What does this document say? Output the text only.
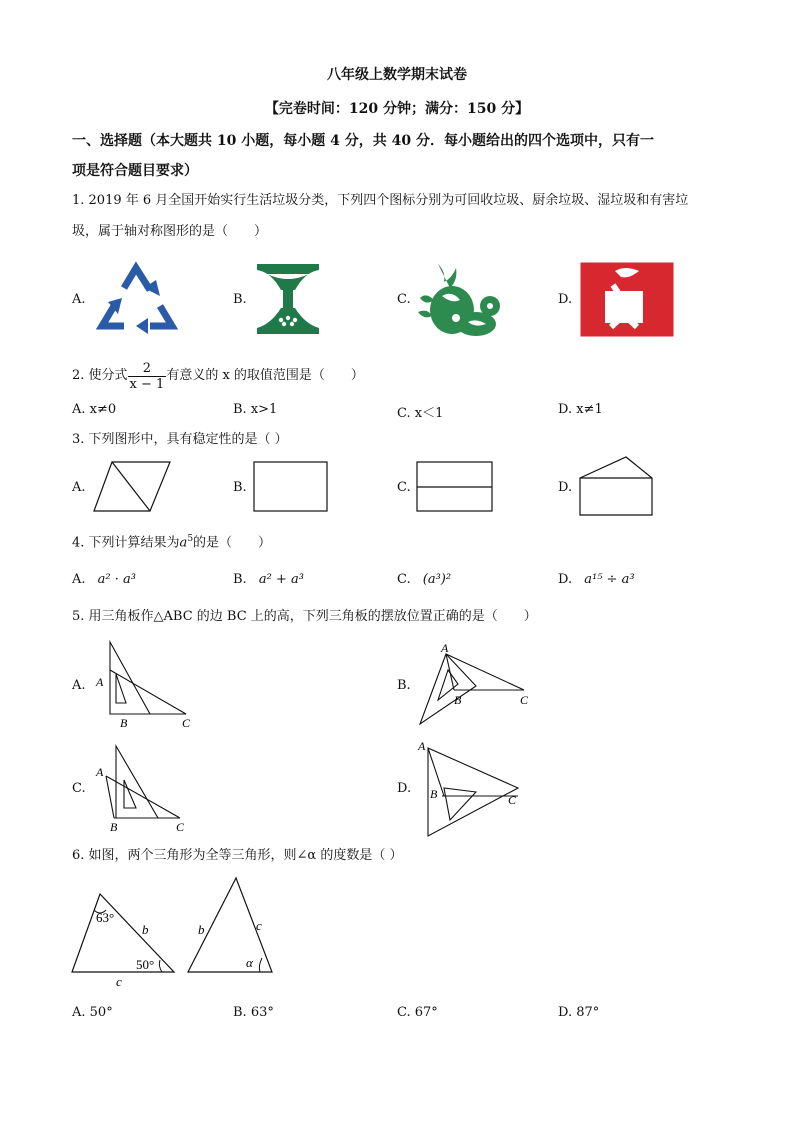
八年级上数学期末试卷
【完卷时间：120 分钟；满分：150 分】
一、选择题（本大题共 10 小题，每小题 4 分，共 40 分．每小题给出的四个选项中，只有一
项是符合题目要求）
1. 2019 年 6 月全国开始实行生活垃圾分类，下列四个图标分别为可回收垃圾、厨余垃圾、湿垃圾和有害垃
圾，属于轴对称图形的是（　　）
A.	B.	C.	D.
2. 使分式 $\frac{2}{x - 1}$ 有意义的 x 的取值范围是（　　）
A. x≠0	B. x>1	C. x＜1	D. x≠1
3. 下列图形中，具有稳定性的是（ ）
A.	B.	C.	D.
4. 下列计算结果为$a^5$的是（　　）
A. a² · a³	B. a² + a³	C. (a³)²	D. a¹⁵ ÷ a³
5. 用三角板作△ABC 的边 BC 上的高，下列三角板的摆放位置正确的是（　　）
A. A
B	C
B.
A
B	C
C.
A
B	C
D.
A
B	C
6. 如图，两个三角形为全等三角形，则∠α 的度数是（ ）
63°
50°
b
c
b	c
α
A. 50°	B. 63°	C. 67°	D. 87°
